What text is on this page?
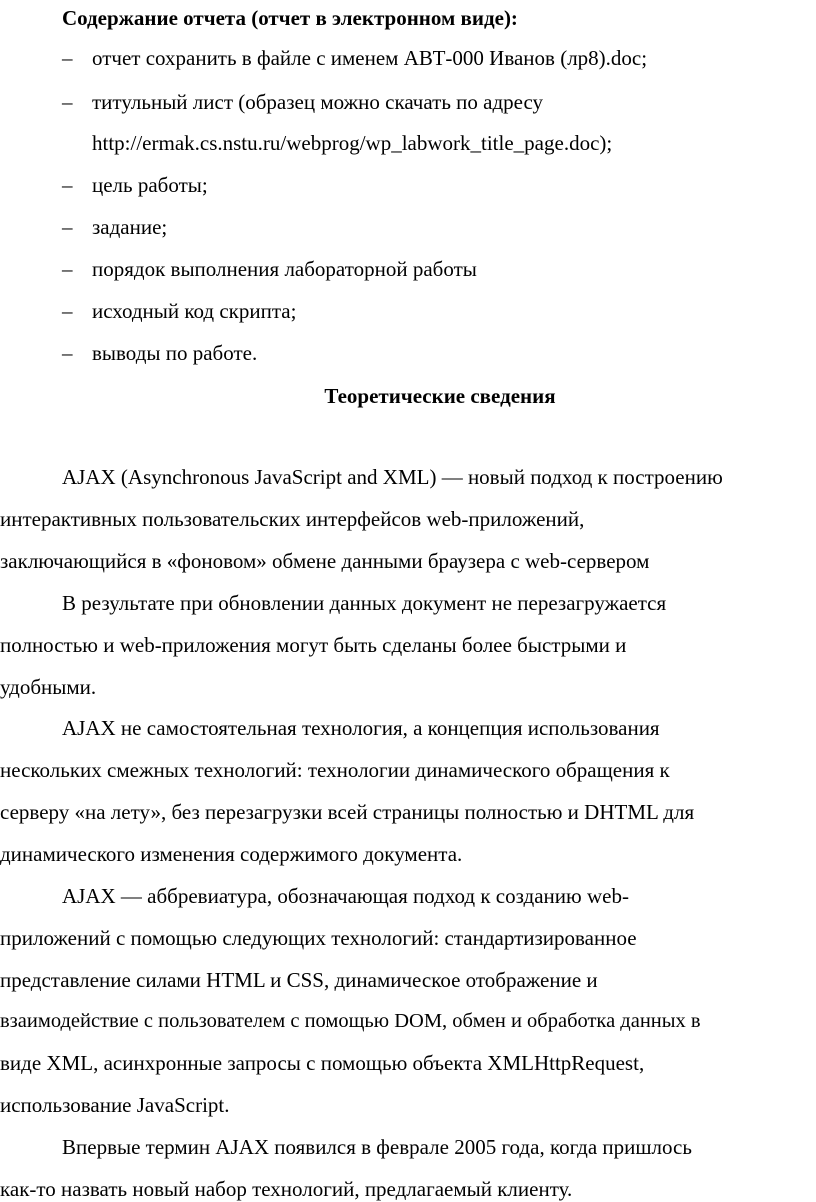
Содержание отчета (отчет в электронном виде):
– отчет сохранить в файле с именем АВТ-000 Иванов (лр8).doc;
– титульный лист (образец можно скачать по адресу
http://ermak.cs.nstu.ru/webprog/wp_labwork_title_page.doc);
– цель работы;
– задание;
– порядок выполнения лабораторной работы
– исходный код скрипта;
– выводы по работе.
Теоретические сведения
AJAX (Asynchronous JavaScript and XML) — новый подход к построению
интерактивных пользовательских интерфейсов web-приложений,
заключающийся в «фоновом» обмене данными браузера с web-сервером
В результате при обновлении данных документ не перезагружается
полностью и web-приложения могут быть сделаны более быстрыми и
удобными.
AJAX не самостоятельная технология, а концепция использования
нескольких смежных технологий: технологии динамического обращения к
серверу «на лету», без перезагрузки всей страницы полностью и DHTML для
динамического изменения содержимого документа.
AJAX — аббревиатура, обозначающая подход к созданию web-
приложений с помощью следующих технологий: стандартизированное
представление силами HTML и CSS, динамическое отображение и
взаимодействие с пользователем с помощью DOM, обмен и обработка данных в
виде XML, асинхронные запросы с помощью объекта XMLHttpRequest,
использование JavaScript.
Впервые термин AJAX появился в феврале 2005 года, когда пришлось
как-то назвать новый набор технологий, предлагаемый клиенту.
